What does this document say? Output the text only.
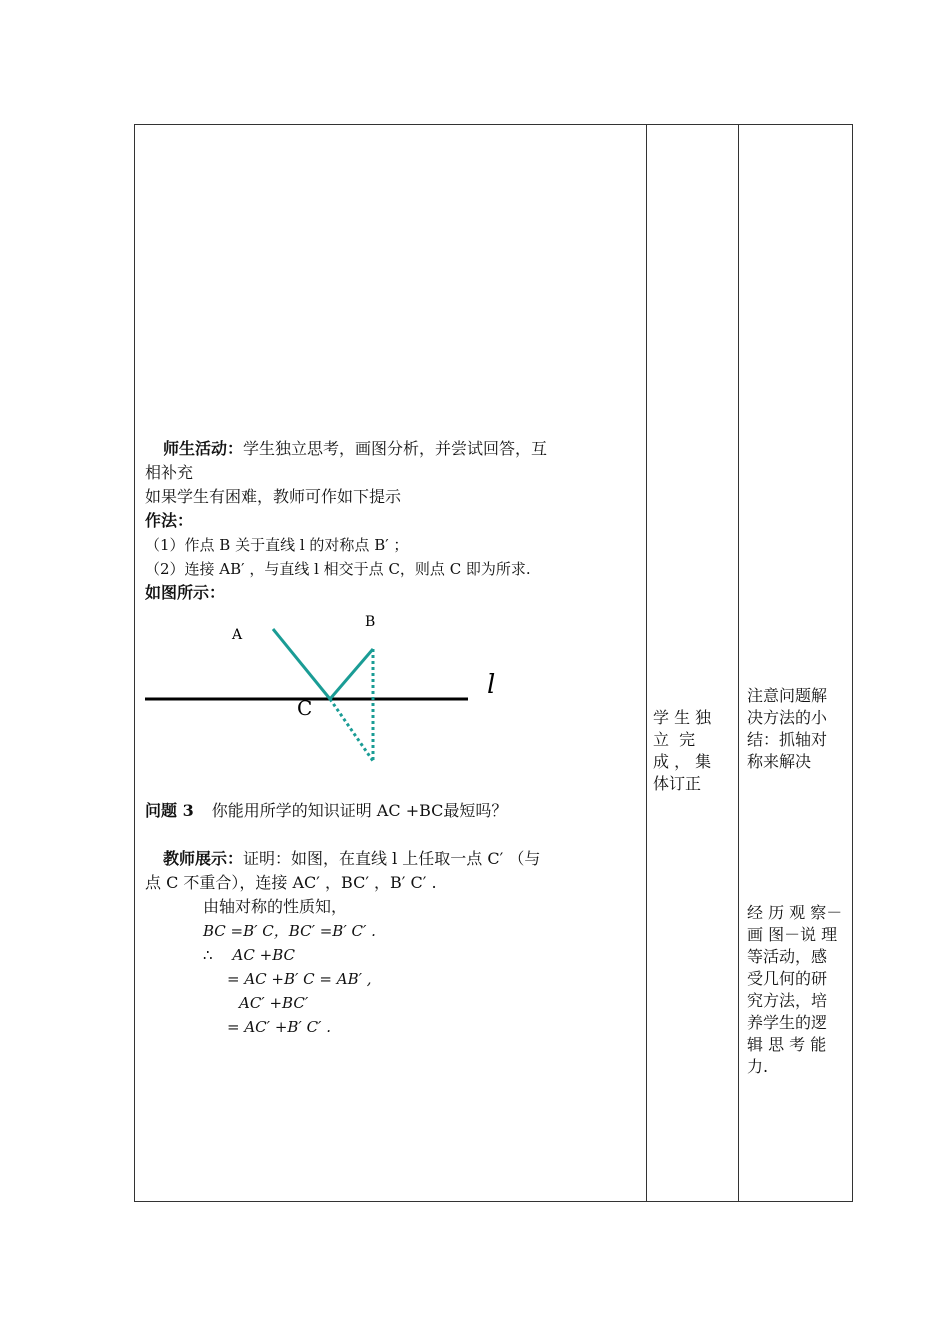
师生活动：学生独立思考，画图分析，并尝试回答，互

相补充

如果学生有困难，教师可作如下提示

作法：

（1）作点 B 关于直线 l 的对称点 B′ ；

（2）连接 AB′ ，与直线 l 相交于点 C，则点 C 即为所求.

如图所示：

A
B
C
l

问题 3 你能用所学的知识证明 AC +BC最短吗？

教师展示：证明：如图，在直线 l 上任取一点 C′ （与

点 C 不重合），连接 AC′ ，BC′ ，B′ C′ .

由轴对称的性质知，

BC =B′ C，BC′ =B′ C′ .

∴ AC +BC

= AC +B′ C = AB′ ,

AC′ +BC′

= AC′ +B′ C′ .

学 生 独
立  完
成 ， 集
体订正
注意问题解
决方法的小
结：抓轴对
称来解决
经 历 观 察－
画 图－说 理
等活动，感
受几何的研
究方法，培
养学生的逻
辑 思 考 能
力.
